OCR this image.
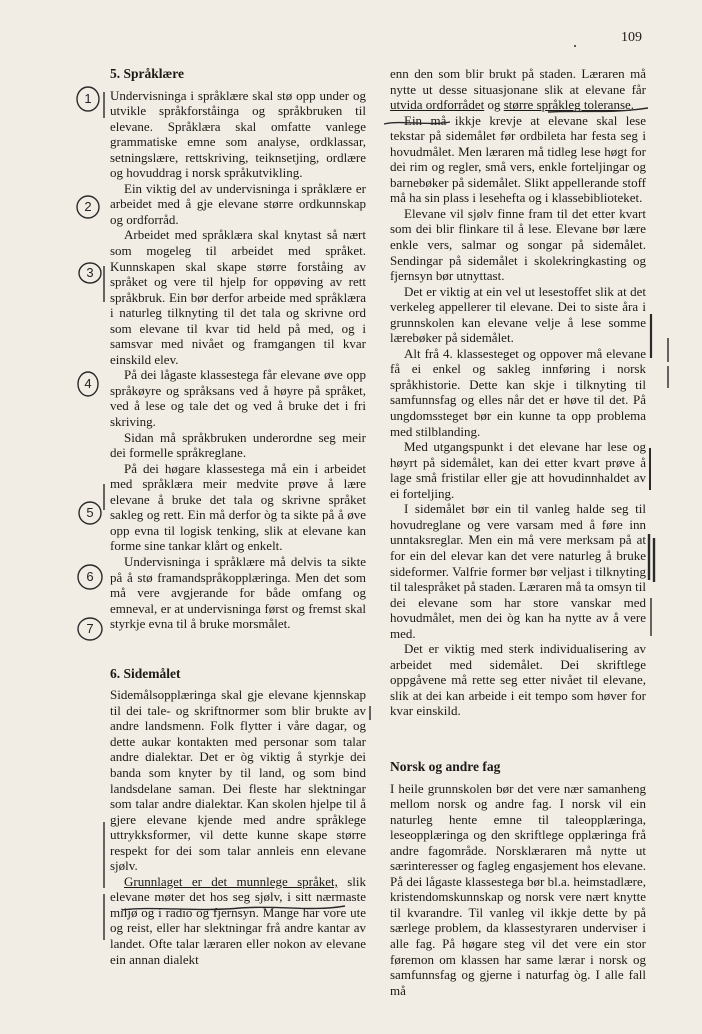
109
5. Språklære

Undervisninga i språklære skal stø opp under og utvikle språkforståinga og språkbruken til elevane. Språklæra skal omfatte vanlege grammatiske emne som analyse, ordklassar, setningslære, rettskriving, teiknsetjing, ordlære og hovuddrag i norsk språkutvikling.

Ein viktig del av undervisninga i språklære er arbeidet med å gje elevane større ordkunnskap og ordforråd.

Arbeidet med språklæra skal knytast så nært som mogeleg til arbeidet med språket. Kunnskapen skal skape større forståing av språket og vere til hjelp for oppøving av rett språkbruk. Ein bør derfor arbeide med språklæra i naturleg tilknyting til det tala og skrivne ord som elevane til kvar tid held på med, og i samsvar med nivået og framgangen til kvar einskild elev.

På dei lågaste klassestega får elevane øve opp språkøyre og språksans ved å høyre på språket, ved å lese og tale det og ved å bruke det i fri skriving.

Sidan må språkbruken underordne seg meir dei formelle språkreglane.

På dei høgare klassestega må ein i arbeidet med språklæra meir medvite prøve å lære elevane å bruke det tala og skrivne språket sakleg og rett. Ein må derfor òg ta sikte på å øve opp evna til logisk tenking, slik at elevane kan forme sine tankar klårt og enkelt.

Undervisninga i språklære må delvis ta sikte på å stø framandspråkopplæringa. Men det som må vere avgjerande for både omfang og emneval, er at undervisninga først og fremst skal styrkje evna til å bruke morsmålet.

6. Sidemålet

Sidemålsopplæringa skal gje elevane kjennskap til dei tale- og skriftnormer som blir brukte av andre landsmenn. Folk flytter i våre dagar, og dette aukar kontakten med personar som talar andre dialektar. Det er òg viktig å styrkje dei banda som knyter by til land, og som bind landsdelane saman. Dei fleste har slektningar som talar andre dialektar. Kan skolen hjelpe til å gjere elevane kjende med andre språklege uttrykksformer, vil dette kunne skape større respekt for dei som talar annleis enn elevane sjølv.

Grunnlaget er det munnlege språket, slik elevane møter det hos seg sjølv, i sitt nærmaste miljø og i radio og fjernsyn. Mange har vore ute og reist, eller har slektningar frå andre kantar av landet. Ofte talar læraren eller nokon av elevane ein annan dialekt

enn den som blir brukt på staden. Læraren må nytte ut desse situasjonane slik at elevane får utvida ordforrådet og større språkleg toleranse.

Ein må ikkje krevje at elevane skal lese tekstar på sidemålet før ordbileta har festa seg i hovudmålet. Men læraren må tidleg lese høgt for dei rim og regler, små vers, enkle forteljingar og barnebøker på sidemålet. Slikt appellerande stoff må ha sin plass i lesehefta og i klassebiblioteket.

Elevane vil sjølv finne fram til det etter kvart som dei blir flinkare til å lese. Elevane bør lære enkle vers, salmar og songar på sidemålet. Sendingar på sidemålet i skolekringkasting og fjernsyn bør utnyttast.

Det er viktig at ein vel ut lesestoffet slik at det verkeleg appellerer til elevane. Dei to siste åra i grunnskolen kan elevane velje å lese somme lærebøker på sidemålet.

Alt frå 4. klassesteget og oppover må elevane få ei enkel og sakleg innføring i norsk språkhistorie. Dette kan skje i tilknyting til samfunnsfag og elles når det er høve til det. På ungdomssteget bør ein kunne ta opp problema med stilblanding.

Med utgangspunkt i det elevane har lese og høyrt på sidemålet, kan dei etter kvart prøve å lage små fristilar eller gje att hovudinnhaldet av ei forteljing.

I sidemålet bør ein til vanleg halde seg til hovudreglane og vere varsam med å føre inn unntaksreglar. Men ein må vere merksam på at for ein del elevar kan det vere naturleg å bruke sideformer. Valfrie former bør veljast i tilknyting til talespråket på staden. Læraren må ta omsyn til dei elevane som har store vanskar med hovudmålet, men dei òg kan ha nytte av å vere med.

Det er viktig med sterk individualisering av arbeidet med sidemålet. Dei skriftlege oppgåvene må rette seg etter nivået til elevane, slik at dei kan arbeide i eit tempo som høver for kvar einskild.

Norsk og andre fag

I heile grunnskolen bør det vere nær samanheng mellom norsk og andre fag. I norsk vil ein naturleg hente emne til taleopplæringa, leseopplæringa og den skriftlege opplæringa frå andre fagområde. Norsklæraren må nytte ut særinteresser og fagleg engasjement hos elevane. På dei lågaste klassestega bør bl.a. heimstadlære, kristendomskunnskap og norsk vere nært knytte til kvarandre. Til vanleg vil ikkje dette by på særlege problem, da klassestyraren underviser i alle fag. På høgare steg vil det vere ein stor føremon om klassen har same lærar i norsk og samfunnsfag og gjerne i naturfag òg. I alle fall må

1
2
3
4
5
6
7
